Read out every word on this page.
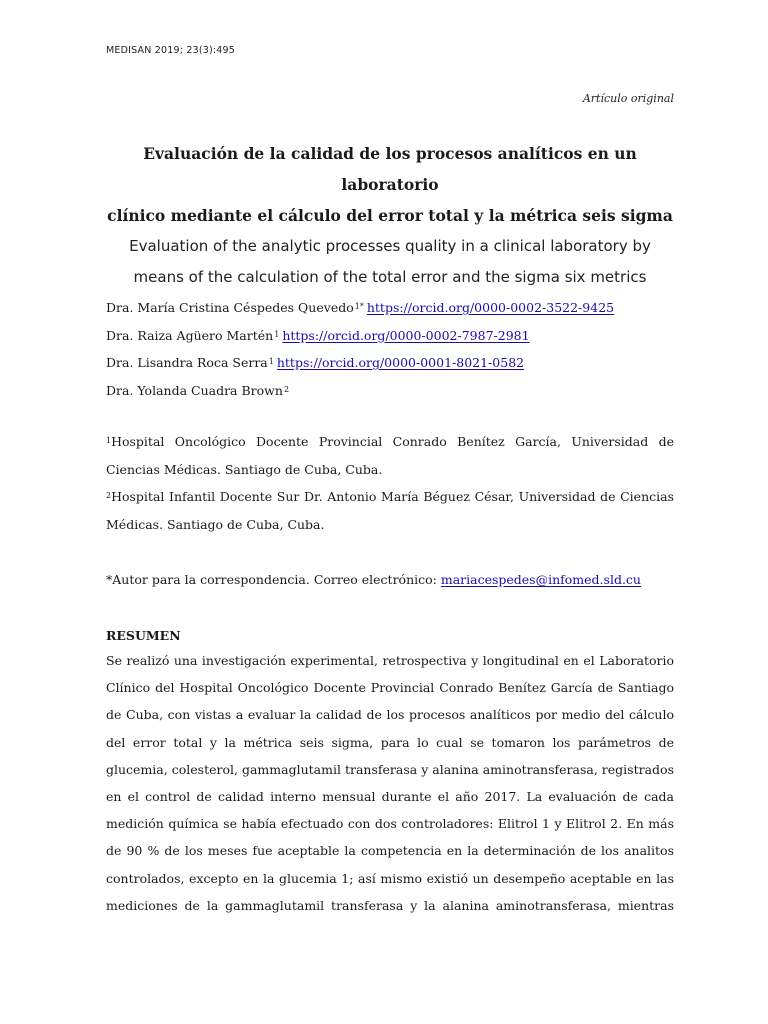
MEDISAN 2019; 23(3):495
Artículo original

Evaluación de la calidad de los procesos analíticos en un laboratorio

clínico mediante el cálculo del error total y la métrica seis sigma

Evaluation of the analytic processes quality in a clinical laboratory by

means of the calculation of the total error and the sigma six metrics

Dra. María Cristina Céspedes Quevedo$^{1*}$ https://orcid.org/0000-0002-3522-9425
Dra. Raiza Agüero Martén$^1$ https://orcid.org/0000-0002-7987-2981
Dra. Lisandra Roca Serra$^1$ https://orcid.org/0000-0001-8021-0582
Dra. Yolanda Cuadra Brown$^2$

$^1$Hospital Oncológico Docente Provincial Conrado Benítez García, Universidad de Ciencias Médicas. Santiago de Cuba, Cuba.

$^2$Hospital Infantil Docente Sur Dr. Antonio María Béguez César, Universidad de Ciencias Médicas. Santiago de Cuba, Cuba.

*Autor para la correspondencia. Correo electrónico: mariacespedes@infomed.sld.cu
RESUMEN
Se realizó una investigación experimental, retrospectiva y longitudinal en el Laboratorio
Clínico del Hospital Oncológico Docente Provincial Conrado Benítez García de Santiago
de Cuba, con vistas a evaluar la calidad de los procesos analíticos por medio del cálculo
del error total y la métrica seis sigma, para lo cual se tomaron los parámetros de
glucemia, colesterol, gammaglutamil transferasa y alanina aminotransferasa, registrados
en el control de calidad interno mensual durante el año 2017. La evaluación de cada
medición química se había efectuado con dos controladores: Elitrol 1 y Elitrol 2. En más
de 90 % de los meses fue aceptable la competencia en la determinación de los analitos
controlados, excepto en la glucemia 1; así mismo existió un desempeño aceptable en las
mediciones de la gammaglutamil transferasa y la alanina aminotransferasa, mientras
